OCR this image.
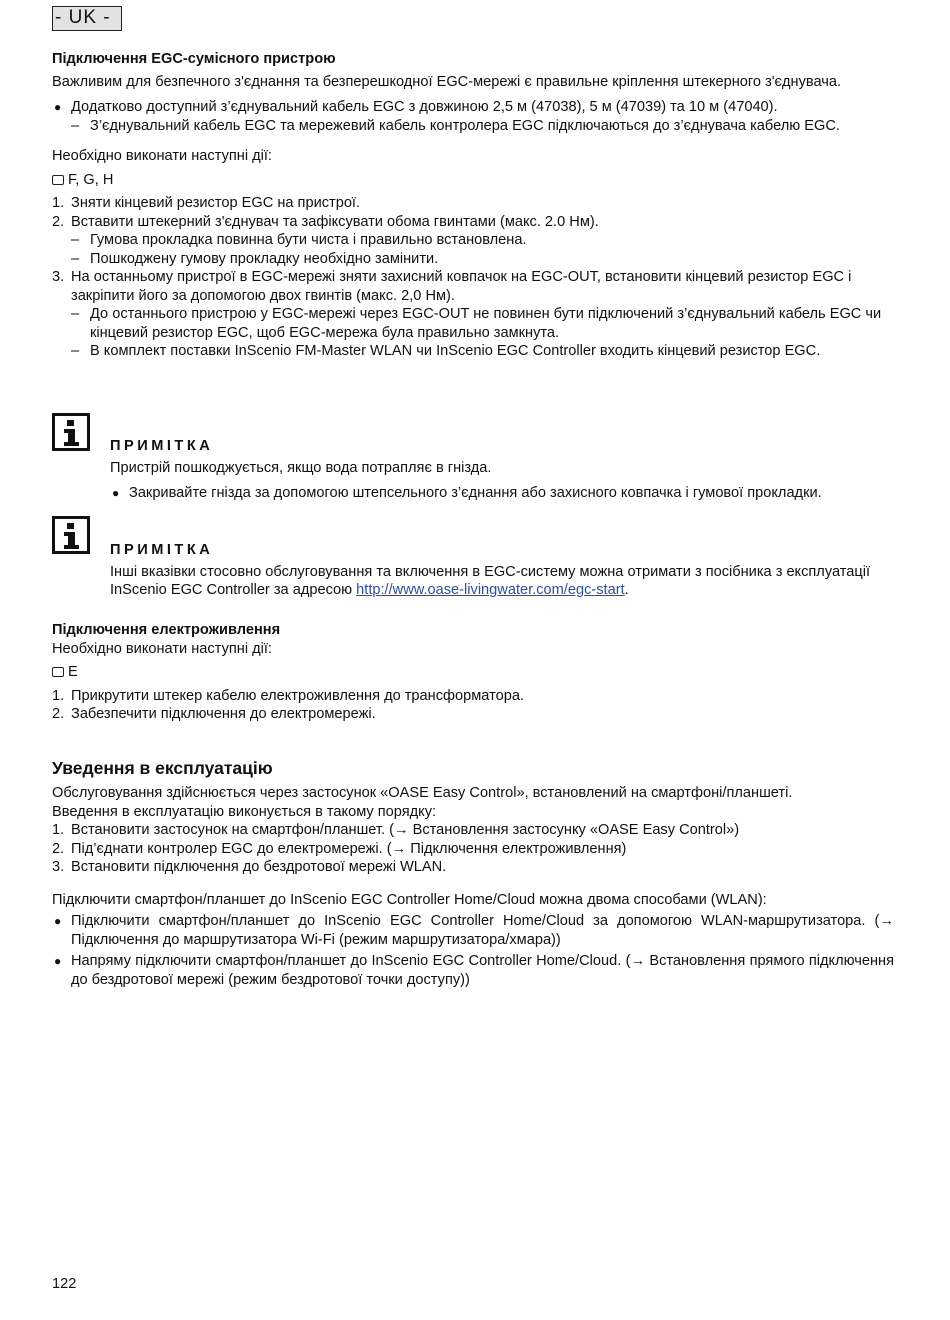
- UK -
Підключення EGC-сумісного пристрою

Важливим для безпечного з'єднання та безперешкодної EGC-мережі є правильне кріплення штекерного з'єднувача.

● Додатково доступний з’єднувальний кабель EGC з довжиною 2,5 м (47038), 5 м (47039) та 10 м (47040).
– З’єднувальний кабель EGC та мережевий кабель контролера EGC підключаються до з’єднувача кабелю EGC.

Необхідно виконати наступні дії:

F, G, H
1. Зняти кінцевий резистор EGC на пристрої.
2. Вставити штекерний з'єднувач та зафіксувати обома гвинтами (макс. 2.0 Нм).
– Гумова прокладка повинна бути чиста і правильно встановлена.
– Пошкоджену гумову прокладку необхідно замінити.
3. На останньому пристрої в EGC-мережі зняти захисний ковпачок на EGC-OUT, встановити кінцевий резистор EGC і закріпити його за допомогою двох гвинтів (макс. 2,0 Нм).
– До останнього пристрою у EGC-мережі через EGC-OUT не повинен бути підключений з’єднувальний кабель EGC чи кінцевий резистор EGC, щоб EGC-мережа була правильно замкнута.
– В комплект поставки InScenio FM-Master WLAN чи InScenio EGC Controller входить кінцевий резистор EGC.
ПРИМІТКА

Пристрій пошкоджується, якщо вода потрапляє в гнізда.

● Закривайте гнізда за допомогою штепсельного з’єднання або захисного ковпачка і гумової прокладки.
ПРИМІТКА

Інші вказівки стосовно обслуговування та включення в EGC-систему можна отримати з посібника з експлуатації InScenio EGC Controller за адресою http://www.oase-livingwater.com/egc-start.

Підключення електроживлення

Необхідно виконати наступні дії:

E
1. Прикрутити штекер кабелю електроживлення до трансформатора.
2. Забезпечити підключення до електромережі.
Уведення в експлуатацію

Обслуговування здійснюється через застосунок «OASE Easy Control», встановлений на смартфоні/планшеті.

Введення в експлуатацію виконується в такому порядку:

1. Встановити застосунок на смартфон/планшет. (→ Встановлення застосунку «OASE Easy Control»)
2. Під’єднати контролер EGC до електромережі. (→ Підключення електроживлення)
3. Встановити підключення до бездротової мережі WLAN.

Підключити смартфон/планшет до InScenio EGC Controller Home/Cloud можна двома способами (WLAN):

● Підключити смартфон/планшет до InScenio EGC Controller Home/Cloud за допомогою WLAN-маршрутизатора. (→ Підключення до маршрутизатора Wi-Fi (режим маршрутизатора/хмара))
● Напряму підключити смартфон/планшет до InScenio EGC Controller Home/Cloud. (→ Встановлення прямого підключення до бездротової мережі (режим бездротової точки доступу))
122
